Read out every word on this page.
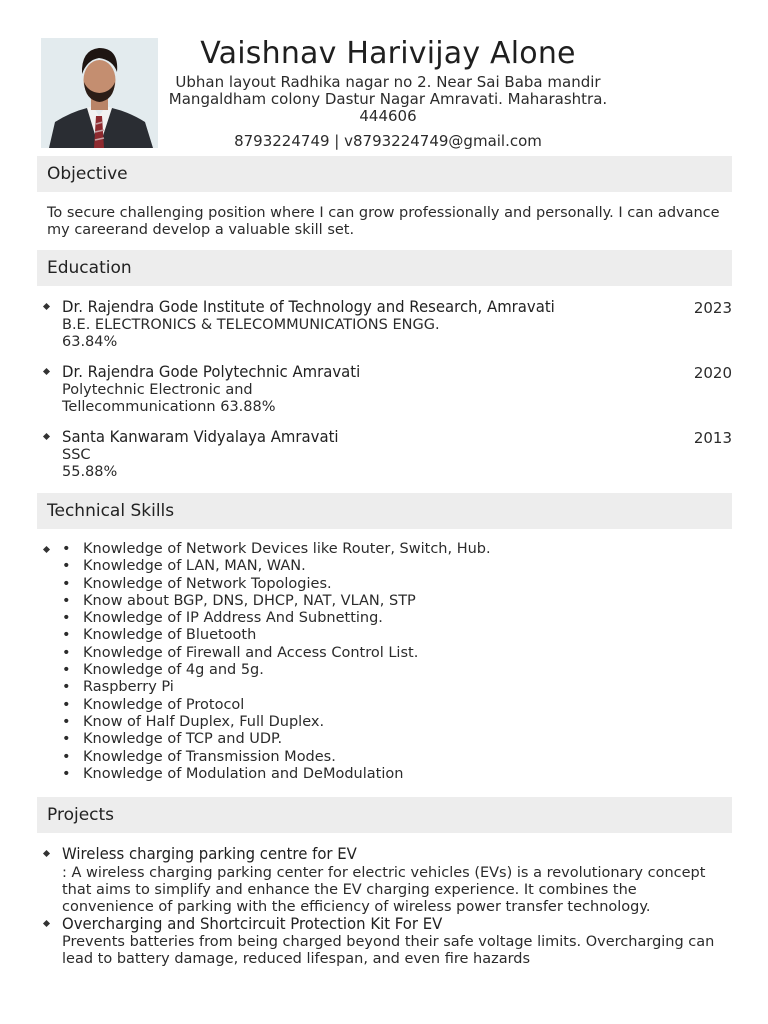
Vaishnav Harivijay Alone
Ubhan layout Radhika nagar no 2. Near Sai Baba mandir
Mangaldham colony Dastur Nagar Amravati. Maharashtra.
444606
8793224749 | v8793224749@gmail.com
Objective
To secure challenging position where I can grow professionally and personally. I can advance my careerand develop a valuable skill set.
Education
Dr. Rajendra Gode Institute of Technology and Research, Amravati	2023
B.E. ELECTRONICS & TELECOMMUNICATIONS ENGG.
63.84%
Dr. Rajendra Gode Polytechnic Amravati	2020
Polytechnic Electronic and
Tellecommunicationn 63.88%
Santa Kanwaram Vidyalaya Amravati	2013
SSC
55.88%
Technical Skills
• Knowledge of Network Devices like Router, Switch, Hub.
• Knowledge of LAN, MAN, WAN.
• Knowledge of Network Topologies.
• Know about BGP, DNS, DHCP, NAT, VLAN, STP
• Knowledge of IP Address And Subnetting.
• Knowledge of Bluetooth
• Knowledge of Firewall and Access Control List.
• Knowledge of 4g and 5g.
• Raspberry Pi
• Knowledge of Protocol
• Know of Half Duplex, Full Duplex.
• Knowledge of TCP and UDP.
• Knowledge of Transmission Modes.
• Knowledge of Modulation and DeModulation
Projects
Wireless charging parking centre for EV
: A wireless charging parking center for electric vehicles (EVs) is a revolutionary concept that aims to simplify and enhance the EV charging experience. It combines the convenience of parking with the efficiency of wireless power transfer technology.
Overcharging and Shortcircuit Protection Kit For EV
Prevents batteries from being charged beyond their safe voltage limits. Overcharging can lead to battery damage, reduced lifespan, and even fire hazards
